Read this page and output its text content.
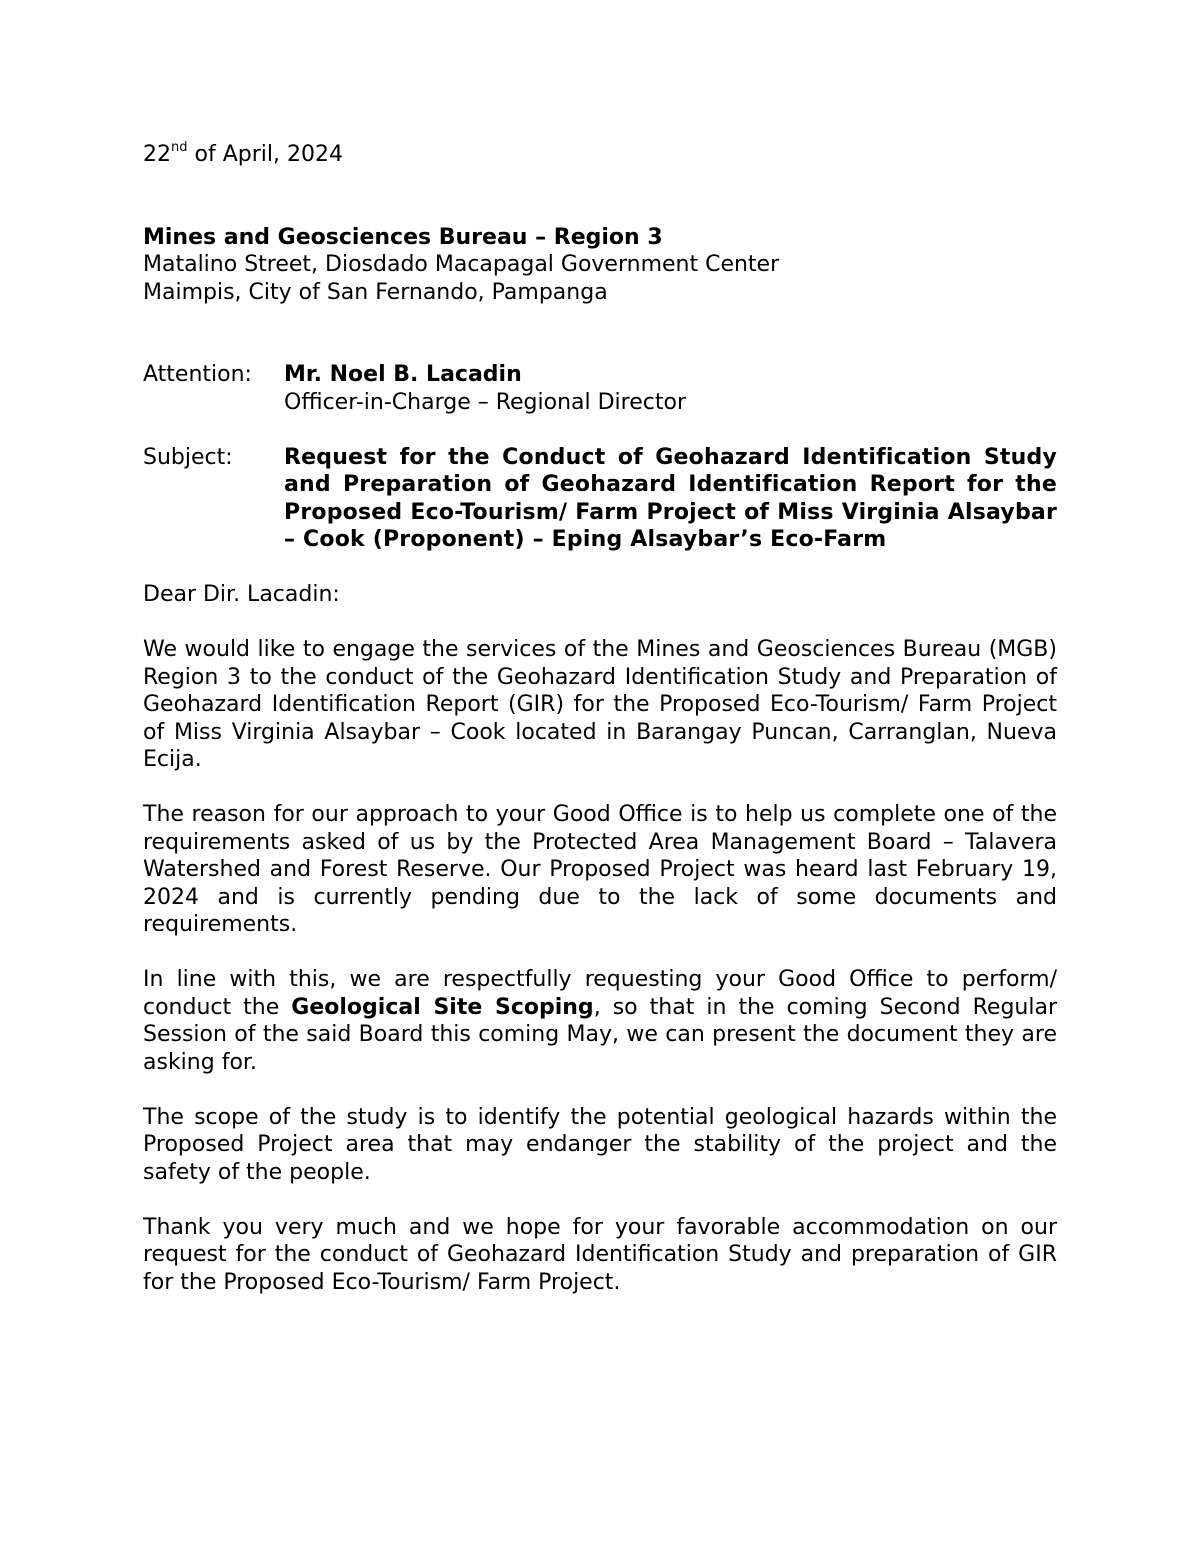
22nd of April, 2024
Mines and Geosciences Bureau – Region 3
Matalino Street, Diosdado Macapagal Government Center
Maimpis, City of San Fernando, Pampanga
Attention:	Mr. Noel B. Lacadin
Officer-in-Charge – Regional Director
Subject:	Request for the Conduct of Geohazard Identification Study and Preparation of Geohazard Identification Report for the Proposed Eco-Tourism/ Farm Project of Miss Virginia Alsaybar – Cook (Proponent) – Eping Alsaybar’s Eco-Farm
Dear Dir. Lacadin:

We would like to engage the services of the Mines and Geosciences Bureau (MGB) Region 3 to the conduct of the Geohazard Identification Study and Preparation of Geohazard Identification Report (GIR) for the Proposed Eco-Tourism/ Farm Project of Miss Virginia Alsaybar – Cook located in Barangay Puncan, Carranglan, Nueva Ecija.

The reason for our approach to your Good Office is to help us complete one of the requirements asked of us by the Protected Area Management Board – Talavera Watershed and Forest Reserve. Our Proposed Project was heard last February 19, 2024 and is currently pending due to the lack of some documents and requirements.

In line with this, we are respectfully requesting your Good Office to perform/ conduct the Geological Site Scoping, so that in the coming Second Regular Session of the said Board this coming May, we can present the document they are asking for.

The scope of the study is to identify the potential geological hazards within the Proposed Project area that may endanger the stability of the project and the safety of the people.

Thank you very much and we hope for your favorable accommodation on our request for the conduct of Geohazard Identification Study and preparation of GIR for the Proposed Eco-Tourism/ Farm Project.
